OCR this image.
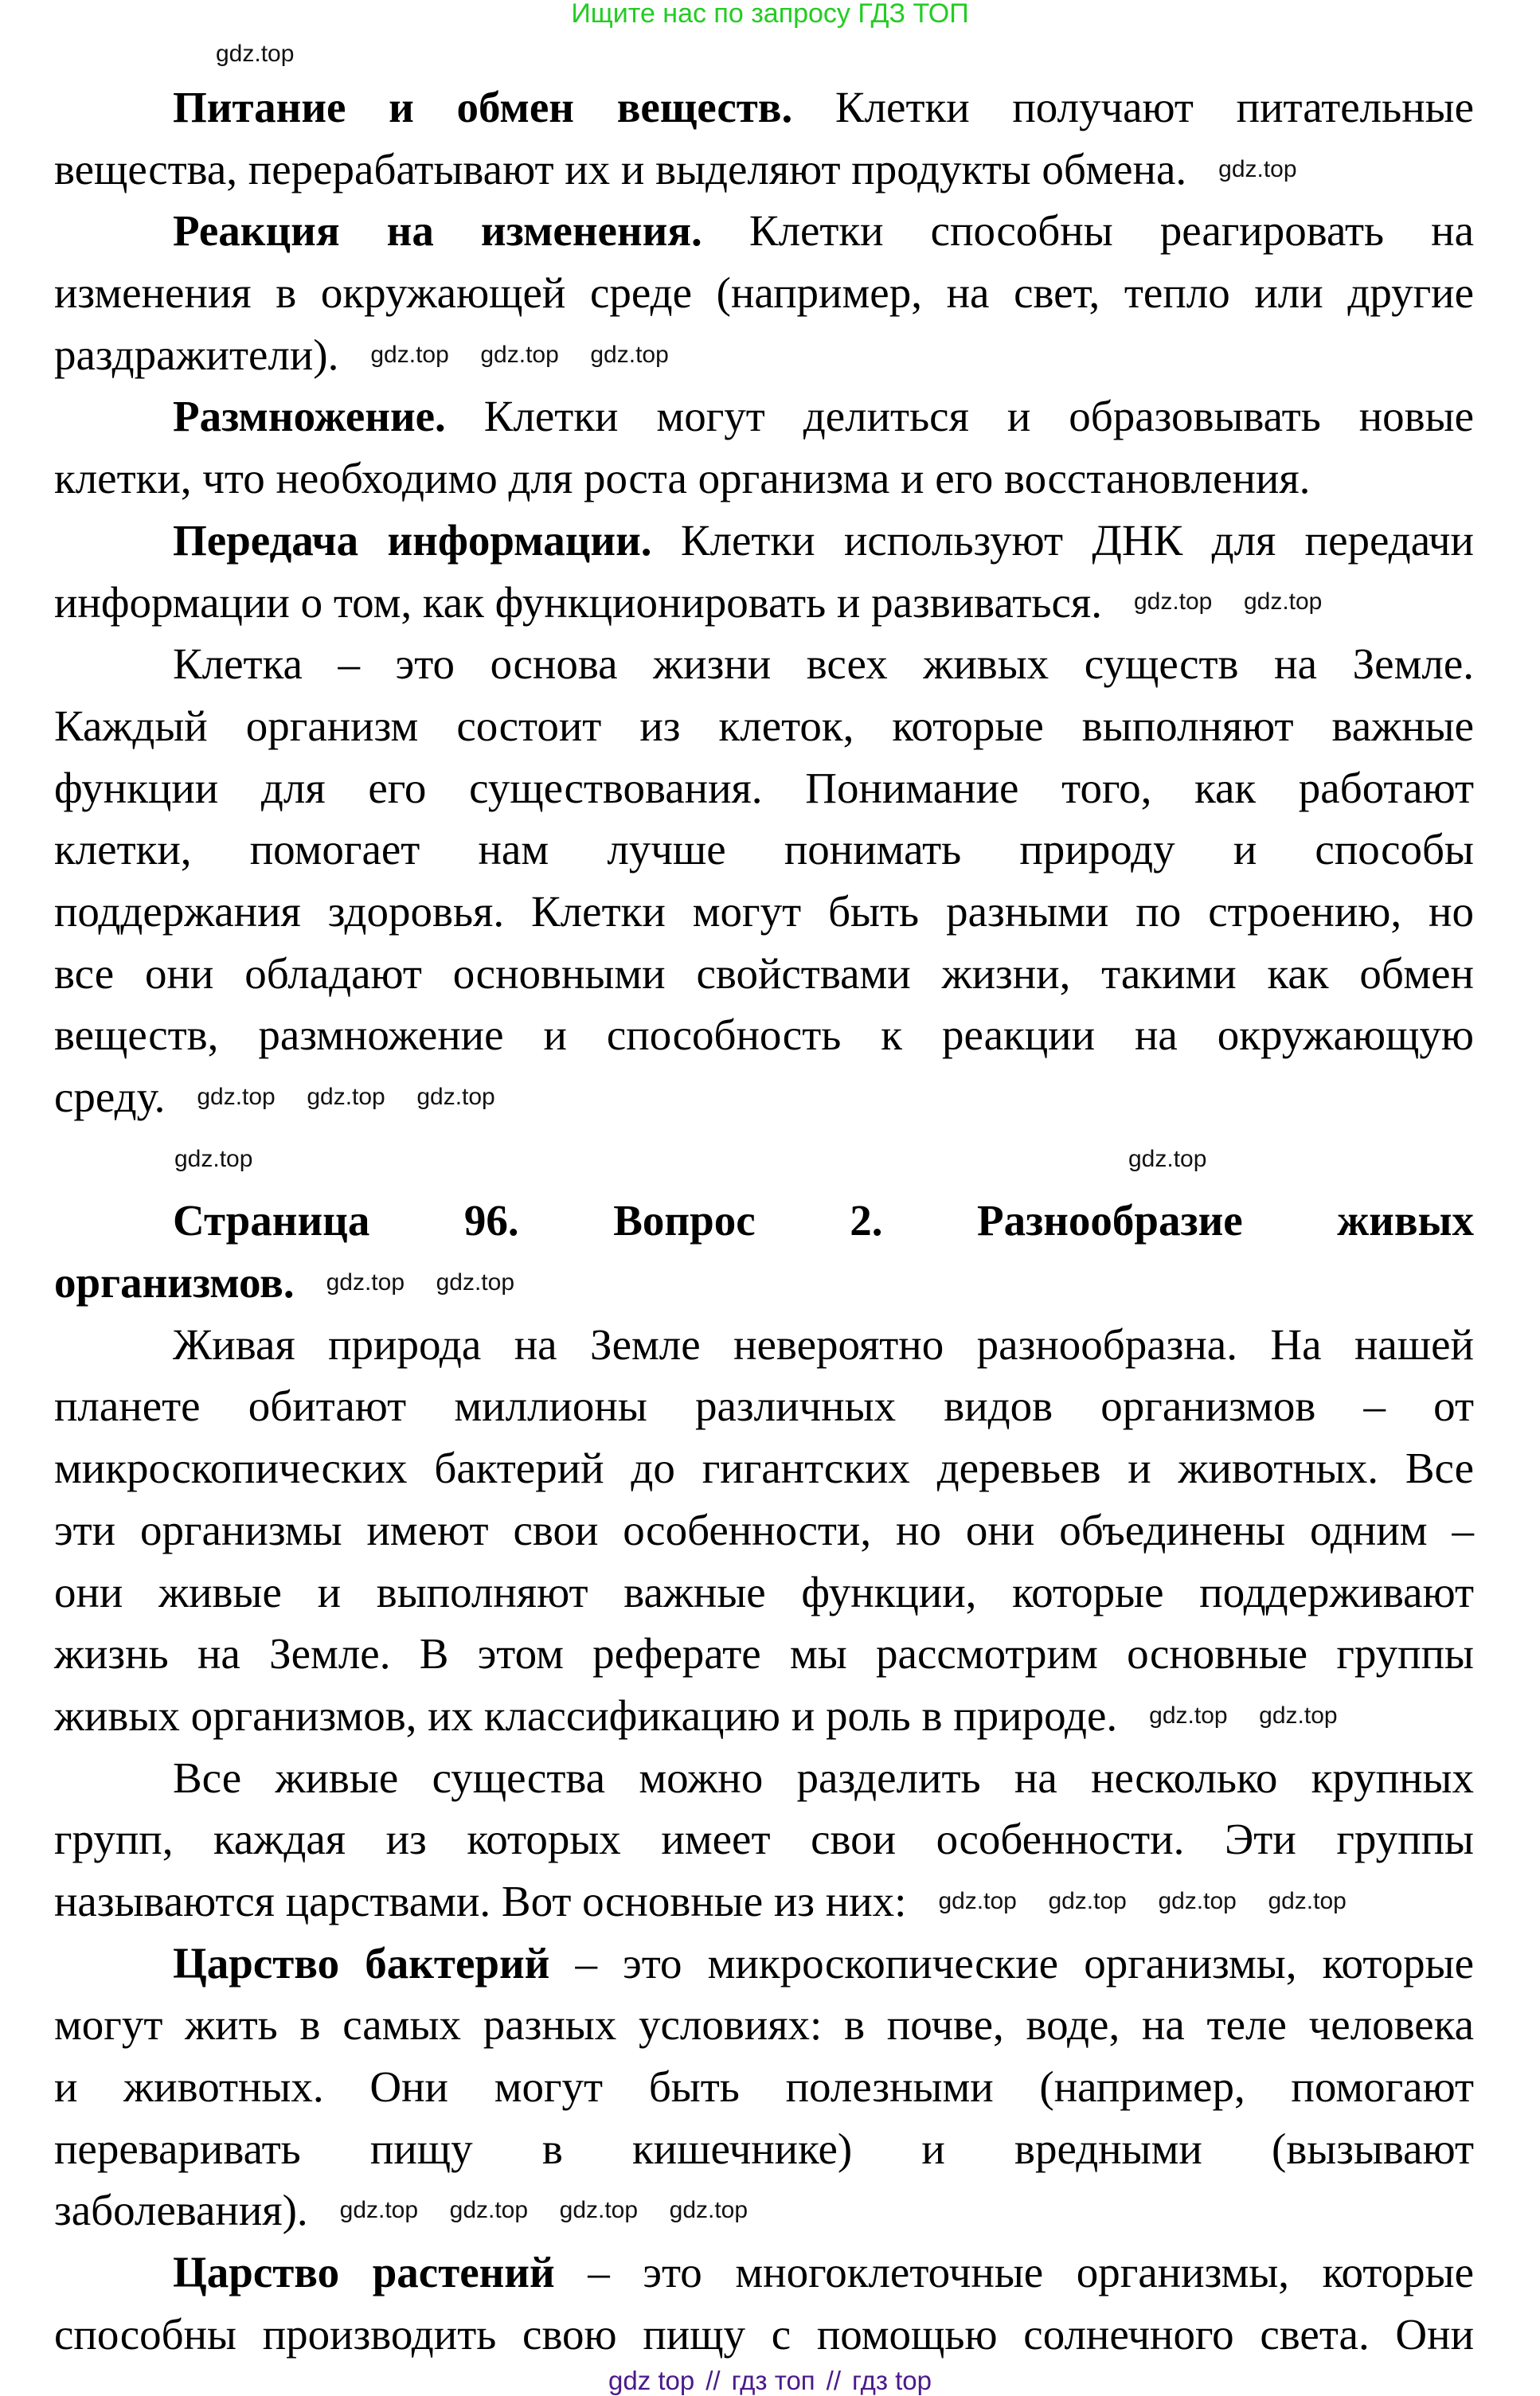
Ищите нас по запросу ГДЗ ТОП
Питание и обмен веществ. Клетки получают питательные
вещества, перерабатывают их и выделяют продукты обмена.
Реакция на изменения. Клетки способны реагировать на
изменения в окружающей среде (например, на свет, тепло или другие
раздражители).
Размножение. Клетки могут делиться и образовывать новые
клетки, что необходимо для роста организма и его восстановления.
Передача информации. Клетки используют ДНК для передачи
информации о том, как функционировать и развиваться.
Клетка – это основа жизни всех живых существ на Земле.
Каждый организм состоит из клеток, которые выполняют важные
функции для его существования. Понимание того, как работают
клетки, помогает нам лучше понимать природу и способы
поддержания здоровья. Клетки могут быть разными по строению, но
все они обладают основными свойствами жизни, такими как обмен
веществ, размножение и способность к реакции на окружающую
среду.
Страница 96. Вопрос 2. Разнообразие живых
организмов.
Живая природа на Земле невероятно разнообразна. На нашей
планете обитают миллионы различных видов организмов – от
микроскопических бактерий до гигантских деревьев и животных. Все
эти организмы имеют свои особенности, но они объединены одним –
они живые и выполняют важные функции, которые поддерживают
жизнь на Земле. В этом реферате мы рассмотрим основные группы
живых организмов, их классификацию и роль в природе.
Все живые существа можно разделить на несколько крупных
групп, каждая из которых имеет свои особенности. Эти группы
называются царствами. Вот основные из них:
Царство бактерий – это микроскопические организмы, которые
могут жить в самых разных условиях: в почве, воде, на теле человека
и животных. Они могут быть полезными (например, помогают
переваривать пищу в кишечнике) и вредными (вызывают
заболевания).
Царство растений – это многоклеточные организмы, которые
способны производить свою пищу с помощью солнечного света. Они
gdz.top
gdz.top
gdz.top gdz.top gdz.top
gdz.top gdz.top
gdz.top gdz.top gdz.top
gdz.top	gdz.top
gdz.top gdz.top
gdz.top gdz.top
gdz.top gdz.top gdz.top gdz.top
gdz.top gdz.top gdz.top gdz.top
gdz top // гдз топ // гдз top
